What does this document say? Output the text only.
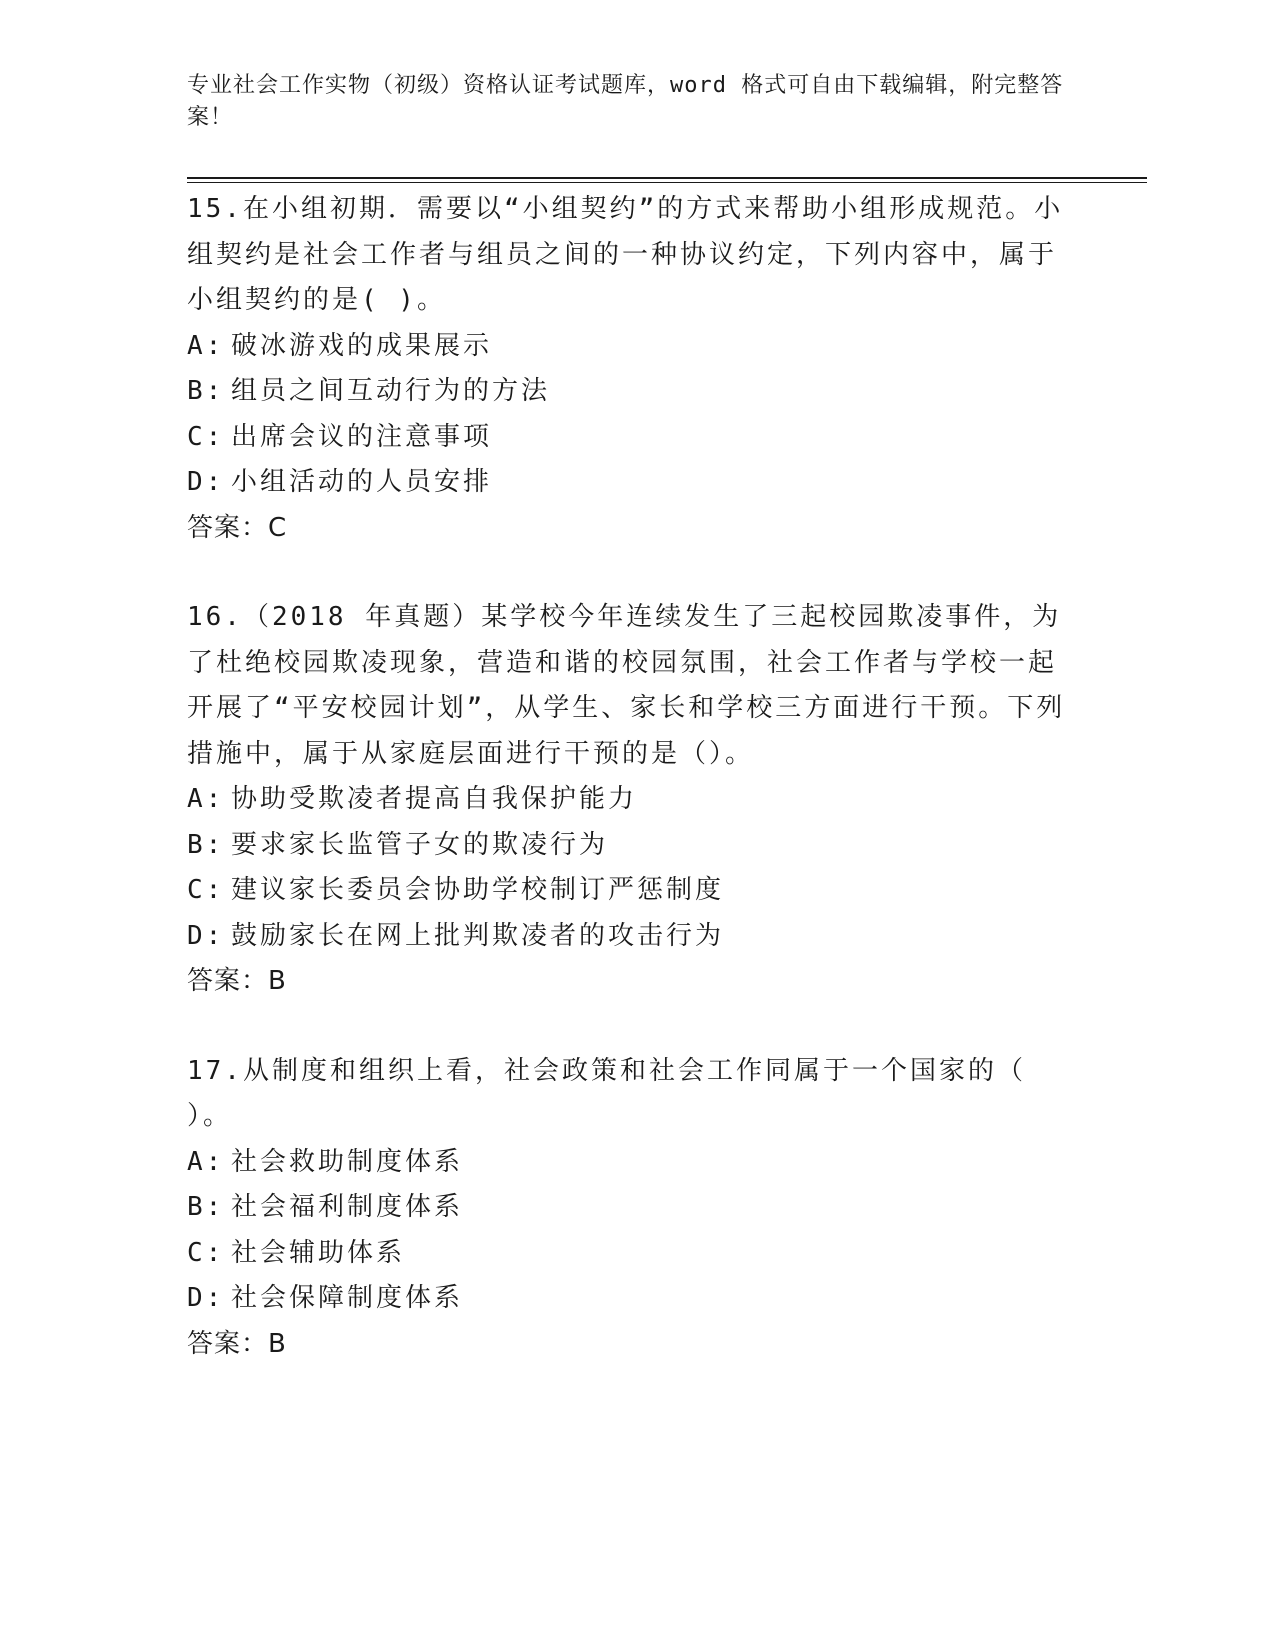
专业社会工作实物（初级）资格认证考试题库，word 格式可自由下载编辑，附完整答案！
15.在小组初期．需要以“小组契约”的方式来帮助小组形成规范。小组契约是社会工作者与组员之间的一种协议约定，下列内容中，属于小组契约的是( )。
A: 破冰游戏的成果展示
B: 组员之间互动行为的方法
C: 出席会议的注意事项
D: 小组活动的人员安排
答案：C
16.（2018 年真题）某学校今年连续发生了三起校园欺凌事件，为了杜绝校园欺凌现象，营造和谐的校园氛围，社会工作者与学校一起开展了“平安校园计划”，从学生、家长和学校三方面进行干预。下列措施中，属于从家庭层面进行干预的是（）。
A: 协助受欺凌者提高自我保护能力
B: 要求家长监管子女的欺凌行为
C: 建议家长委员会协助学校制订严惩制度
D: 鼓励家长在网上批判欺凌者的攻击行为
答案：B
17.从制度和组织上看，社会政策和社会工作同属于一个国家的（ ）。
A: 社会救助制度体系
B: 社会福利制度体系
C: 社会辅助体系
D: 社会保障制度体系
答案：B
